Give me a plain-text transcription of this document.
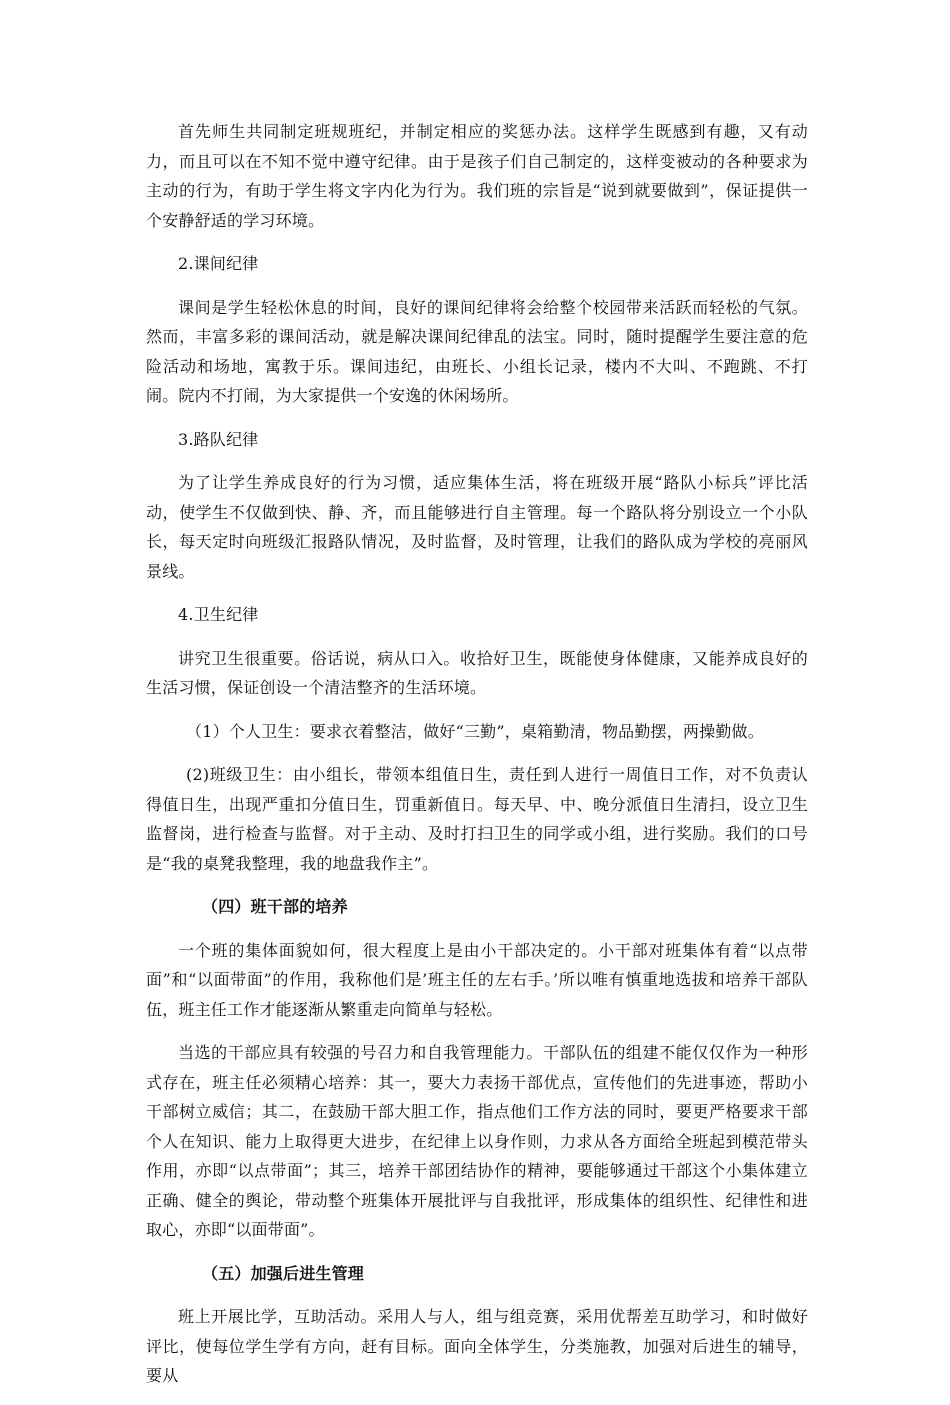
首先师生共同制定班规班纪，并制定相应的奖惩办法。这样学生既感到有趣，又有动力，而且可以在不知不觉中遵守纪律。由于是孩子们自己制定的，这样变被动的各种要求为主动的行为，有助于学生将文字内化为行为。我们班的宗旨是“说到就要做到”，保证提供一个安静舒适的学习环境。

2.课间纪律

课间是学生轻松休息的时间，良好的课间纪律将会给整个校园带来活跃而轻松的气氛。然而，丰富多彩的课间活动，就是解决课间纪律乱的法宝。同时，随时提醒学生要注意的危险活动和场地，寓教于乐。课间违纪，由班长、小组长记录，楼内不大叫、不跑跳、不打闹。院内不打闹，为大家提供一个安逸的休闲场所。

3.路队纪律

为了让学生养成良好的行为习惯，适应集体生活，将在班级开展“路队小标兵”评比活动，使学生不仅做到快、静、齐，而且能够进行自主管理。每一个路队将分别设立一个小队长，每天定时向班级汇报路队情况，及时监督，及时管理，让我们的路队成为学校的亮丽风景线。

4.卫生纪律

讲究卫生很重要。俗话说，病从口入。收拾好卫生，既能使身体健康，又能养成良好的生活习惯，保证创设一个清洁整齐的生活环境。

（1）个人卫生：要求衣着整洁，做好“三勤”，桌箱勤清，物品勤摆，两操勤做。

(2)班级卫生：由小组长，带领本组值日生，责任到人进行一周值日工作，对不负责认得值日生，出现严重扣分值日生，罚重新值日。每天早、中、晚分派值日生清扫，设立卫生监督岗，进行检查与监督。对于主动、及时打扫卫生的同学或小组，进行奖励。我们的口号是“我的桌凳我整理，我的地盘我作主”。

（四）班干部的培养

一个班的集体面貌如何，很大程度上是由小干部决定的。小干部对班集体有着“以点带面”和“以面带面”的作用，我称他们是’班主任的左右手。’所以唯有慎重地选拔和培养干部队伍，班主任工作才能逐渐从繁重走向简单与轻松。

当选的干部应具有较强的号召力和自我管理能力。干部队伍的组建不能仅仅作为一种形式存在，班主任必须精心培养：其一，要大力表扬干部优点，宣传他们的先进事迹，帮助小干部树立威信；其二，在鼓励干部大胆工作，指点他们工作方法的同时，要更严格要求干部个人在知识、能力上取得更大进步，在纪律上以身作则，力求从各方面给全班起到模范带头作用，亦即“以点带面”；其三，培养干部团结协作的精神，要能够通过干部这个小集体建立正确、健全的舆论，带动整个班集体开展批评与自我批评，形成集体的组织性、纪律性和进取心，亦即“以面带面”。

（五）加强后进生管理

班上开展比学，互助活动。采用人与人，组与组竞赛，采用优帮差互助学习，和时做好评比，使每位学生学有方向，赶有目标。面向全体学生，分类施教，加强对后进生的辅导，要从
